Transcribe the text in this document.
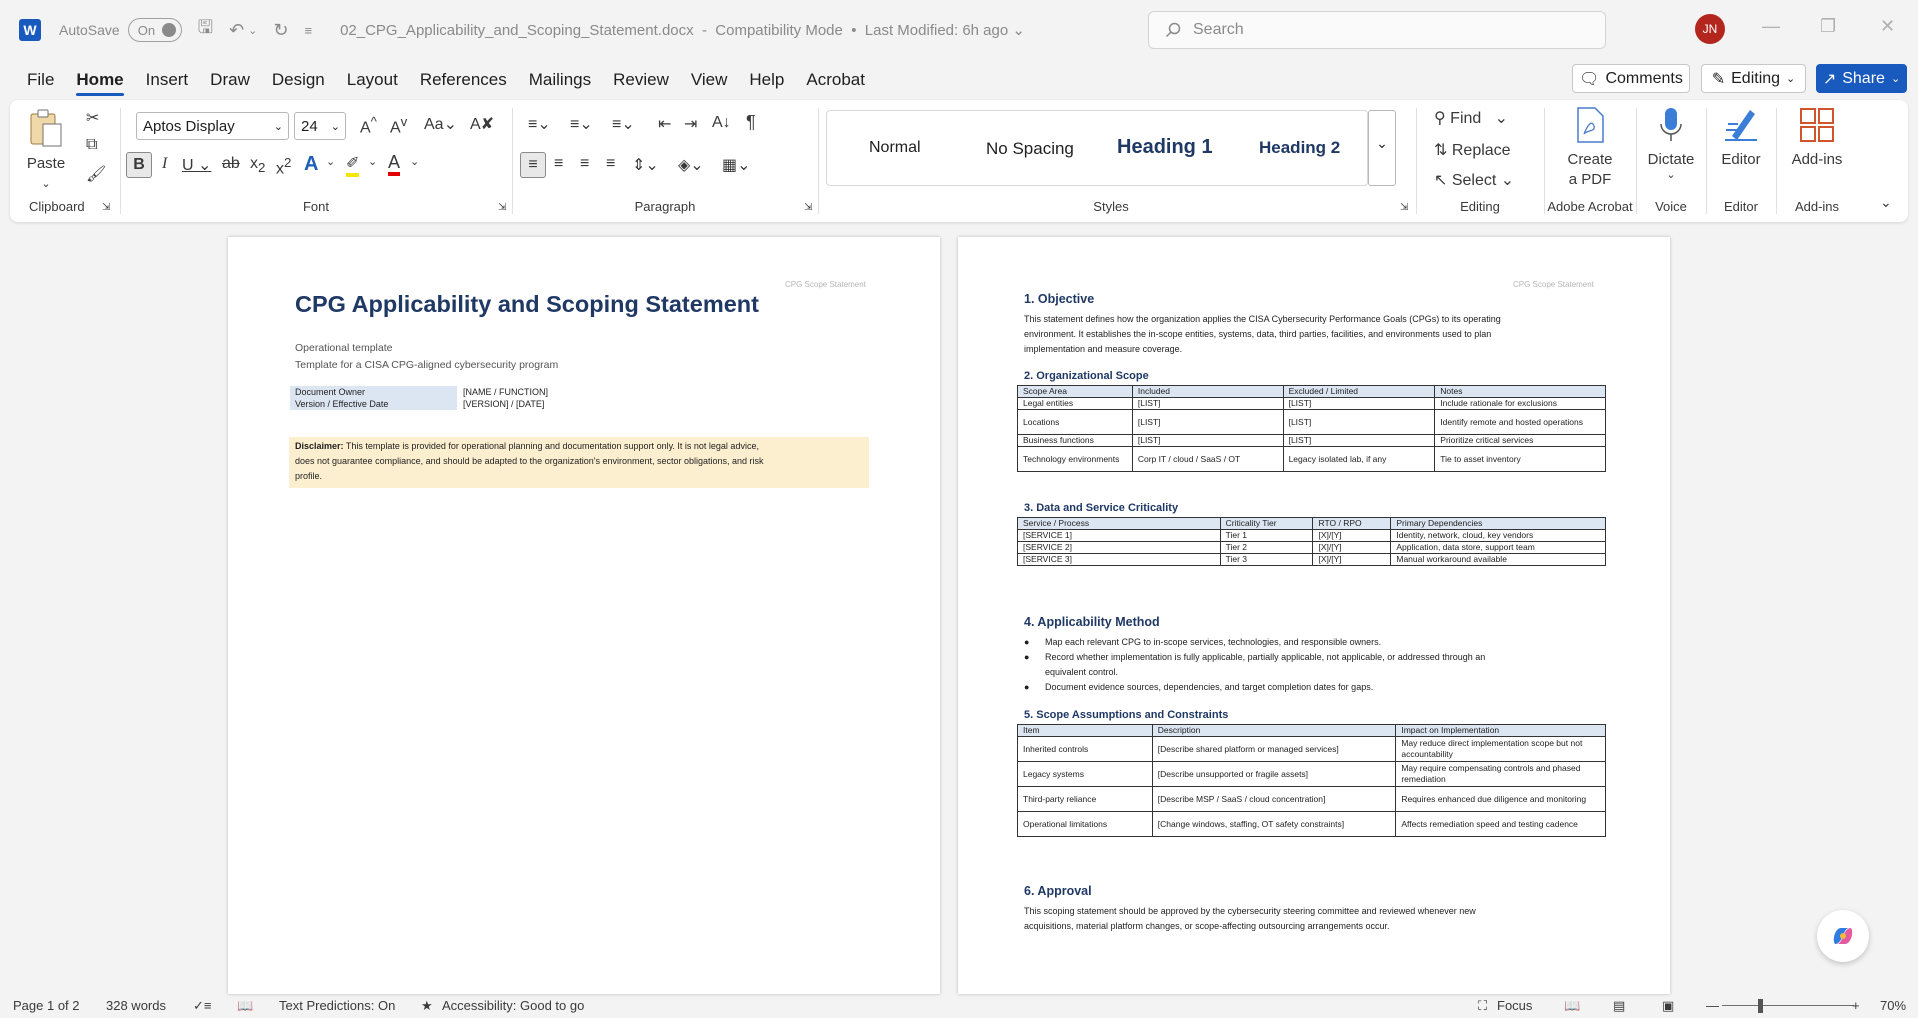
W	AutoSave On 🖫 ↶ ⌄ ↻ ≡ 02_CPG_Applicability_and_Scoping_Statement.docx  -  Compatibility Mode  •  Last Modified: 6h ago ⌄	Search	JN	— ❐ ✕
File	Home	Insert	Draw	Design	Layout	References	Mailings	Review	View	Help	Acrobat	🗨 Comments ✎ Editing ⌄ ↗ Share ⌄
Paste
⌄
✂
⧉
🖌
Clipboard	⇲
Aptos Display	⌄ 24 ⌄ A^ $A^v$ Aa⌄ A✘
B	I U ⌄ ab $x_2$ $x^2$ A ⌄ ✐ ⌄ A ⌄
Font	⇲
≡⌄ ≡⌄ ≡⌄ ⇤ ⇥ A↓ ¶
≡	≡ ≡ ≡ ⇕⌄ ◈⌄ ▦⌄
Paragraph	⇲
Normal	No Spacing Heading 1	Heading 2	⌄
Styles	⇲
⚲ Find   ⌄
⇅ Replace
↖ Select ⌄
Editing
Create
a PDF
Adobe Acrobat
Dictate
⌄
Voice
Editor
Editor
Add-ins
Add-ins	⌄
CPG Scope Statement
CPG Applicability and Scoping Statement
Operational template
Template for a CISA CPG-aligned cybersecurity program
Document Owner	[NAME / FUNCTION]
Version / Effective Date	[VERSION] / [DATE]
Disclaimer: This template is provided for operational planning and documentation support only. It is not legal advice,
does not guarantee compliance, and should be adapted to the organization's environment, sector obligations, and risk
profile.
CPG Scope Statement
1. Objective
This statement defines how the organization applies the CISA Cybersecurity Performance Goals (CPGs) to its operating
environment. It establishes the in-scope entities, systems, data, third parties, facilities, and environments used to plan
implementation and measure coverage.
2. Organizational Scope
Scope Area	Included	Excluded / Limited	Notes
Legal entities	[LIST]	[LIST]	Include rationale for exclusions
Locations	[LIST]	[LIST]	Identify remote and hosted operations
Business functions	[LIST]	[LIST]	Prioritize critical services
Technology environments	Corp IT / cloud / SaaS / OT	Legacy isolated lab, if any	Tie to asset inventory
3. Data and Service Criticality
Service / Process	Criticality Tier	RTO / RPO	Primary Dependencies
[SERVICE 1]	Tier 1	[X]/[Y]	Identity, network, cloud, key vendors
[SERVICE 2]	Tier 2	[X]/[Y]	Application, data store, support team
[SERVICE 3]	Tier 3	[X]/[Y]	Manual workaround available
4. Applicability Method
● Map each relevant CPG to in-scope services, technologies, and responsible owners.
● Record whether implementation is fully applicable, partially applicable, not applicable, or addressed through an
equivalent control.
● Document evidence sources, dependencies, and target completion dates for gaps.
5. Scope Assumptions and Constraints
Item	Description	Impact on Implementation
Inherited controls	[Describe shared platform or managed services]	May reduce direct implementation scope but not accountability
Legacy systems	[Describe unsupported or fragile assets]	May require compensating controls and phased remediation
Third-party reliance	[Describe MSP / SaaS / cloud concentration]	Requires enhanced due diligence and monitoring
Operational limitations	[Change windows, staffing, OT safety constraints]	Affects remediation speed and testing cadence
6. Approval
This scoping statement should be approved by the cybersecurity steering committee and reviewed whenever new
acquisitions, material platform changes, or scope-affecting outsourcing arrangements occur.
Page 1 of 2 328 words ✓≡ 📖 Text Predictions: On ★ Accessibility: Good to go	⛶ Focus 📖	▤	▣ —	+ 70%
